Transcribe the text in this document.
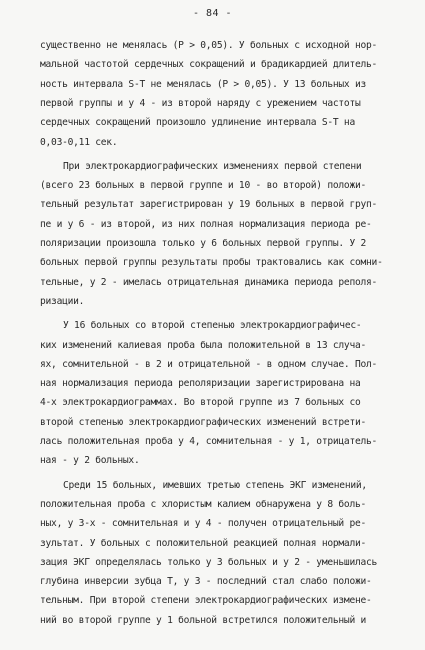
- 84 -
существенно не менялась (P > 0,05). У больных с исходной нор-
мальной частотой сердечных сокращений и брадикардией длитель-
ность интервала S-T не менялась (P > 0,05). У 13 больных из
первой группы и у 4 - из второй наряду с урежением частоты
сердечных сокращений произошло удлинение интервала S-T на
0,03-0,11 сек.
При электрокардиографических изменениях первой степени
(всего 23 больных в первой группе и 10 - во второй) положи-
тельный результат зарегистрирован у 19 больных в первой груп-
пе и у 6 - из второй, из них полная нормализация периода ре-
поляризации произошла только у 6 больных первой группы. У 2
больных первой группы результаты пробы трактовались как сомни-
тельные, у 2 - имелась отрицательная динамика периода реполя-
ризации.
У 16 больных со второй степенью электрокардиографичес-
ких изменений калиевая проба была положительной в 13 случа-
ях, сомнительной - в 2 и отрицательной - в одном случае. Пол-
ная нормализация периода реполяризации зарегистрирована на
4-х электрокардиограммах. Во второй группе из 7 больных со
второй степенью электрокардиографических изменений встрети-
лась положительная проба у 4, сомнительная - у 1, отрицатель-
ная - у 2 больных.
Среди 15 больных, имевших третью степень ЭКГ изменений,
положительная проба с хлористым калием обнаружена у 8 боль-
ных, у 3-х - сомнительная и у 4 - получен отрицательный ре-
зультат. У больных с положительной реакцией полная нормали-
зация ЭКГ определялась только у 3 больных и у 2 - уменьшилась
глубина инверсии зубца Т, у 3 - последний стал слабо положи-
тельным. При второй степени электрокардиографических измене-
ний во второй группе у 1 больной встретился положительный и
